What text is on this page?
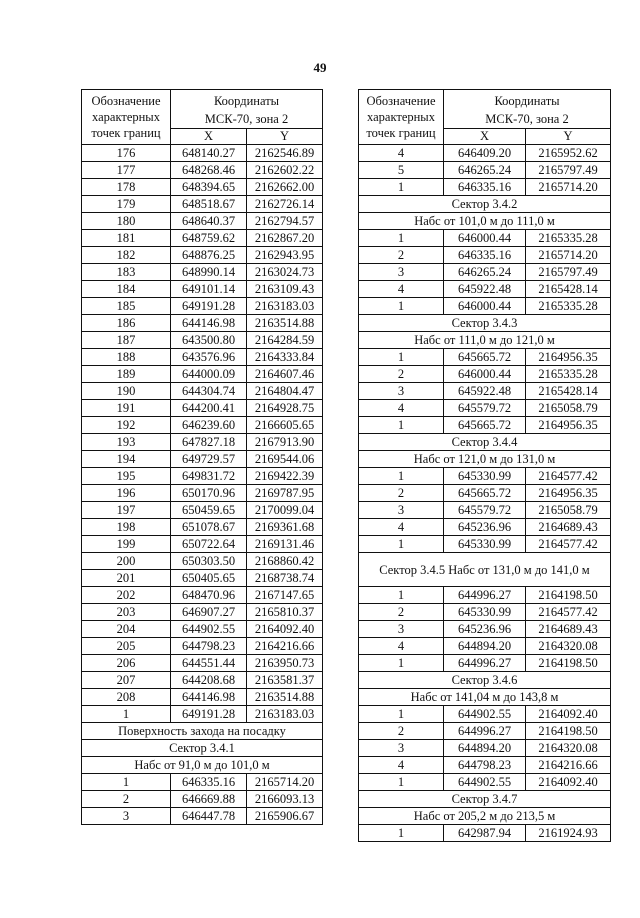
49
Обозначение характерных точек границ	Координаты
МСК-70, зона 2	
	X	Y
176	648140.27	2162546.89
177	648268.46	2162602.22
178	648394.65	2162662.00
179	648518.67	2162726.14
180	648640.37	2162794.57
181	648759.62	2162867.20
182	648876.25	2162943.95
183	648990.14	2163024.73
184	649101.14	2163109.43
185	649191.28	2163183.03
186	644146.98	2163514.88
187	643500.80	2164284.59
188	643576.96	2164333.84
189	644000.09	2164607.46
190	644304.74	2164804.47
191	644200.41	2164928.75
192	646239.60	2166605.65
193	647827.18	2167913.90
194	649729.57	2169544.06
195	649831.72	2169422.39
196	650170.96	2169787.95
197	650459.65	2170099.04
198	651078.67	2169361.68
199	650722.64	2169131.46
200	650303.50	2168860.42
201	650405.65	2168738.74
202	648470.96	2167147.65
203	646907.27	2165810.37
204	644902.55	2164092.40
205	644798.23	2164216.66
206	644551.44	2163950.73
207	644208.68	2163581.37
208	644146.98	2163514.88
1	649191.28	2163183.03
Поверхность захода на посадку		
Сектор 3.4.1		
Набс от 91,0 м до 101,0 м		
1	646335.16	2165714.20
2	646669.88	2166093.13
3	646447.78	2165906.67
Обозначение характерных точек границ	Координаты
МСК-70, зона 2	
	X	Y
4	646409.20	2165952.62
5	646265.24	2165797.49
1	646335.16	2165714.20
Сектор 3.4.2		
Набс от 101,0 м до 111,0 м		
1	646000.44	2165335.28
2	646335.16	2165714.20
3	646265.24	2165797.49
4	645922.48	2165428.14
1	646000.44	2165335.28
Сектор 3.4.3		
Набс от 111,0 м до 121,0 м		
1	645665.72	2164956.35
2	646000.44	2165335.28
3	645922.48	2165428.14
4	645579.72	2165058.79
1	645665.72	2164956.35
Сектор 3.4.4		
Набс от 121,0 м до 131,0 м		
1	645330.99	2164577.42
2	645665.72	2164956.35
3	645579.72	2165058.79
4	645236.96	2164689.43
1	645330.99	2164577.42
Сектор 3.4.5 Набс от 131,0 м до 141,0 м		
1	644996.27	2164198.50
2	645330.99	2164577.42
3	645236.96	2164689.43
4	644894.20	2164320.08
1	644996.27	2164198.50
Сектор 3.4.6		
Набс от 141,04 м до 143,8 м		
1	644902.55	2164092.40
2	644996.27	2164198.50
3	644894.20	2164320.08
4	644798.23	2164216.66
1	644902.55	2164092.40
Сектор 3.4.7		
Набс от 205,2 м до 213,5 м		
1	642987.94	2161924.93
